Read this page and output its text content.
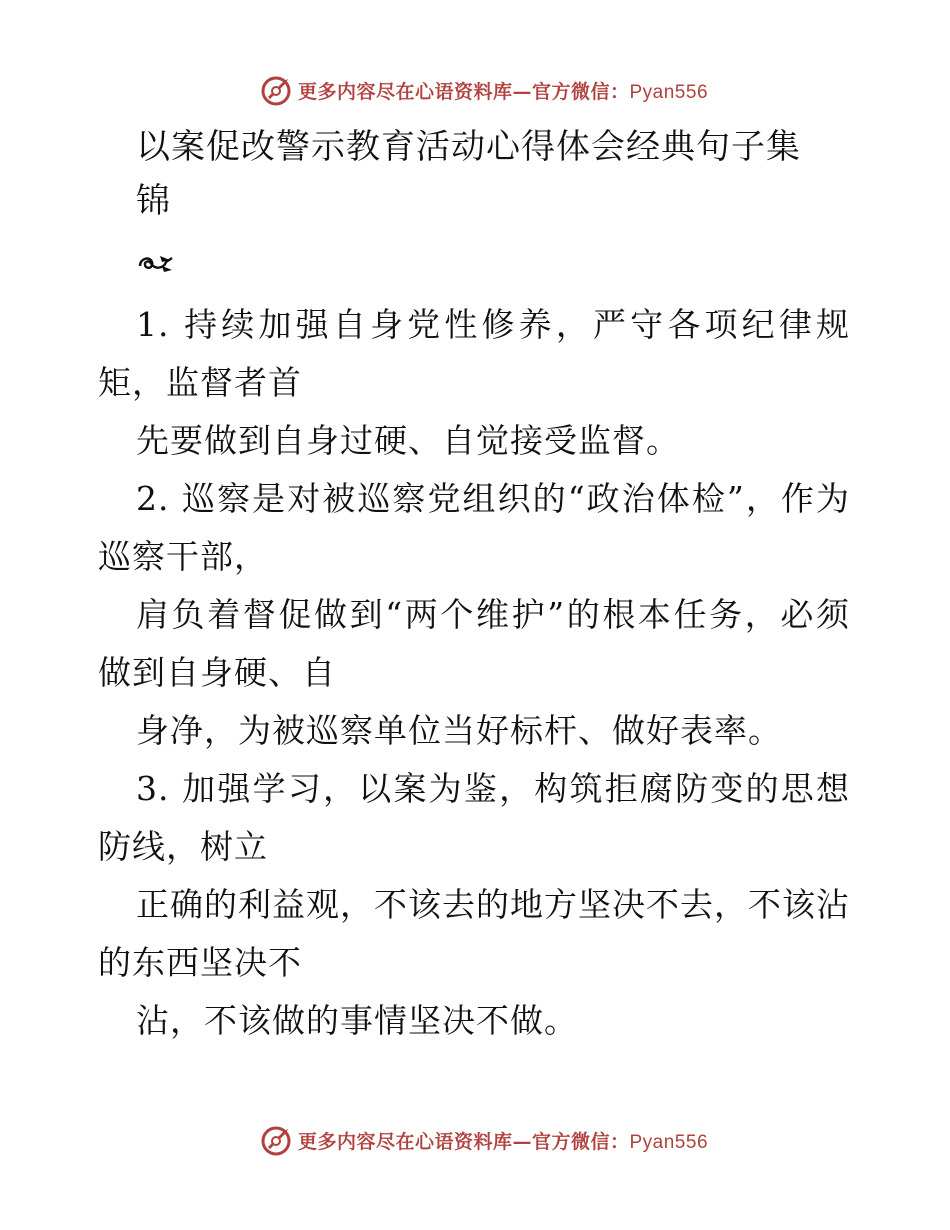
更多内容尽在心语资料库—官方微信：Pyan556
以案促改警示教育活动心得体会经典句子集
锦

1. 持续加强自身党性修养，严守各项纪律规矩，监督者首

先要做到自身过硬、自觉接受监督。

2. 巡察是对被巡察党组织的“政治体检”，作为巡察干部，

肩负着督促做到“两个维护”的根本任务，必须做到自身硬、自

身净，为被巡察单位当好标杆、做好表率。

3. 加强学习，以案为鉴，构筑拒腐防变的思想防线，树立

正确的利益观，不该去的地方坚决不去，不该沾的东西坚决不

沾，不该做的事情坚决不做。

更多内容尽在心语资料库—官方微信：Pyan556
